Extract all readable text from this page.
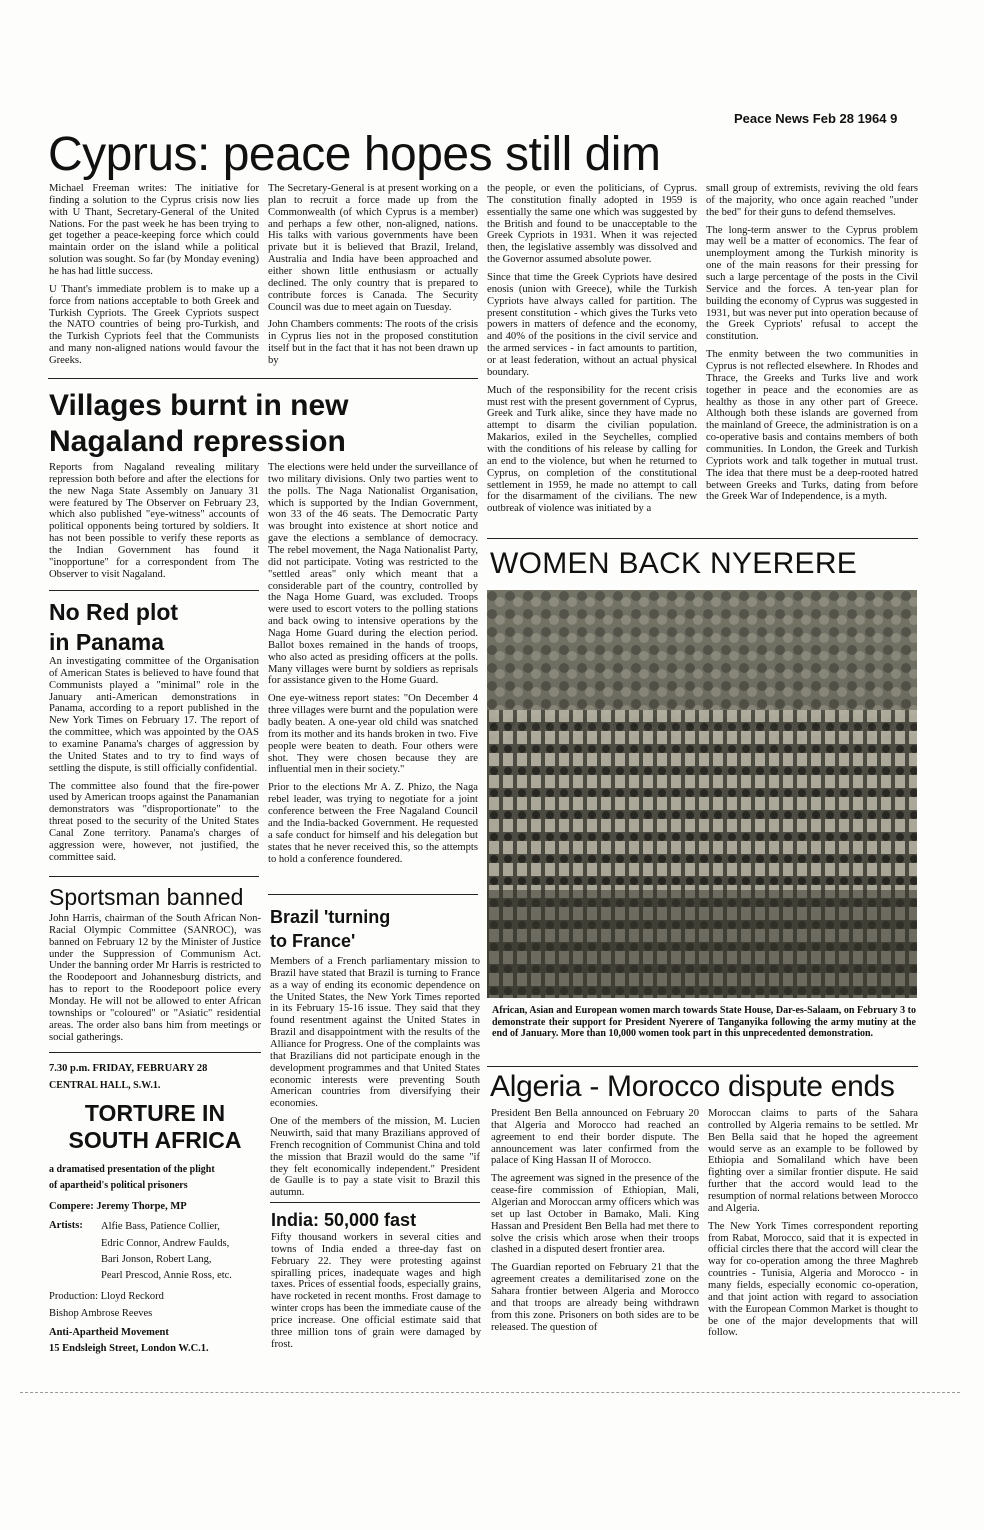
Peace News Feb 28 1964 9
Cyprus: peace hopes still dim

Michael Freeman writes: The initiative for finding a solution to the Cyprus crisis now lies with U Thant, Secretary-General of the United Nations. For the past week he has been trying to get together a peace-keeping force which could maintain order on the island while a political solution was sought. So far (by Monday evening) he has had little success.

U Thant's immediate problem is to make up a force from nations acceptable to both Greek and Turkish Cypriots. The Greek Cypriots suspect the NATO countries of being pro-Turkish, and the Turkish Cypriots feel that the Communists and many non-aligned nations would favour the Greeks.

The Secretary-General is at present working on a plan to recruit a force made up from the Commonwealth (of which Cyprus is a member) and perhaps a few other, non-aligned, nations. His talks with various governments have been private but it is believed that Brazil, Ireland, Australia and India have been approached and either shown little enthusiasm or actually declined. The only country that is prepared to contribute forces is Canada. The Security Council was due to meet again on Tuesday.

John Chambers comments: The roots of the crisis in Cyprus lies not in the proposed constitution itself but in the fact that it has not been drawn up by

the people, or even the politicians, of Cyprus. The constitution finally adopted in 1959 is essentially the same one which was suggested by the British and found to be unacceptable to the Greek Cypriots in 1931. When it was rejected then, the legislative assembly was dissolved and the Governor assumed absolute power.

Since that time the Greek Cypriots have desired enosis (union with Greece), while the Turkish Cypriots have always called for partition. The present constitution - which gives the Turks veto powers in matters of defence and the economy, and 40% of the positions in the civil service and the armed services - in fact amounts to partition, or at least federation, without an actual physical boundary.

Much of the responsibility for the recent crisis must rest with the present government of Cyprus, Greek and Turk alike, since they have made no attempt to disarm the civilian population. Makarios, exiled in the Seychelles, complied with the conditions of his release by calling for an end to the violence, but when he returned to Cyprus, on completion of the constitutional settlement in 1959, he made no attempt to call for the disarmament of the civilians. The new outbreak of violence was initiated by a

small group of extremists, reviving the old fears of the majority, who once again reached "under the bed" for their guns to defend themselves.

The long-term answer to the Cyprus problem may well be a matter of economics. The fear of unemployment among the Turkish minority is one of the main reasons for their pressing for such a large percentage of the posts in the Civil Service and the forces. A ten-year plan for building the economy of Cyprus was suggested in 1931, but was never put into operation because of the Greek Cypriots' refusal to accept the constitution.

The enmity between the two communities in Cyprus is not reflected elsewhere. In Rhodes and Thrace, the Greeks and Turks live and work together in peace and the economies are as healthy as those in any other part of Greece. Although both these islands are governed from the mainland of Greece, the administration is on a co-operative basis and contains members of both communities. In London, the Greek and Turkish Cypriots work and talk together in mutual trust. The idea that there must be a deep-rooted hatred between Greeks and Turks, dating from before the Greek War of Independence, is a myth.

Villages burnt in new
Nagaland repression

Reports from Nagaland revealing military repression both before and after the elections for the new Naga State Assembly on January 31 were featured by The Observer on February 23, which also published "eye-witness" accounts of political opponents being tortured by soldiers. It has not been possible to verify these reports as the Indian Government has found it "inopportune" for a correspondent from The Observer to visit Nagaland.

The elections were held under the surveillance of two military divisions. Only two parties went to the polls. The Naga Nationalist Organisation, which is supported by the Indian Government, won 33 of the 46 seats. The Democratic Party was brought into existence at short notice and gave the elections a semblance of democracy. The rebel movement, the Naga Nationalist Party, did not participate. Voting was restricted to the "settled areas" only which meant that a considerable part of the country, controlled by the Naga Home Guard, was excluded. Troops were used to escort voters to the polling stations and back owing to intensive operations by the Naga Home Guard during the election period. Ballot boxes remained in the hands of troops, who also acted as presiding officers at the polls. Many villages were burnt by soldiers as reprisals for assistance given to the Home Guard.

One eye-witness report states: "On December 4 three villages were burnt and the population were badly beaten. A one-year old child was snatched from its mother and its hands broken in two. Five people were beaten to death. Four others were shot. They were chosen because they are influential men in their society."

Prior to the elections Mr A. Z. Phizo, the Naga rebel leader, was trying to negotiate for a joint conference between the Free Nagaland Council and the India-backed Government. He requested a safe conduct for himself and his delegation but states that he never received this, so the attempts to hold a conference foundered.

No Red plot
in Panama

An investigating committee of the Organisation of American States is believed to have found that Communists played a "minimal" role in the January anti-American demonstrations in Panama, according to a report published in the New York Times on February 17. The report of the committee, which was appointed by the OAS to examine Panama's charges of aggression by the United States and to try to find ways of settling the dispute, is still officially confidential.

The committee also found that the fire-power used by American troops against the Panamanian demonstrators was "disproportionate" to the threat posed to the security of the United States Canal Zone territory. Panama's charges of aggression were, however, not justified, the committee said.

Sportsman banned

John Harris, chairman of the South African Non-Racial Olympic Committee (SANROC), was banned on February 12 by the Minister of Justice under the Suppression of Communism Act. Under the banning order Mr Harris is restricted to the Roodepoort and Johannesburg districts, and has to report to the Roodepoort police every Monday. He will not be allowed to enter African townships or "coloured" or "Asiatic" residential areas. The order also bans him from meetings or social gatherings.

7.30 p.m. FRIDAY, FEBRUARY 28
CENTRAL HALL, S.W.1.
TORTURE IN
SOUTH AFRICA
a dramatised presentation of the plight
of apartheid's political prisoners
Compere: Jeremy Thorpe, MP
Artists:	Alfie Bass, Patience Collier,
Edric Connor, Andrew Faulds,
Bari Jonson, Robert Lang,
Pearl Prescod, Annie Ross, etc.
Production: Lloyd Reckord
Bishop Ambrose Reeves
Anti-Apartheid Movement
15 Endsleigh Street, London W.C.1.
Brazil 'turning
to France'

Members of a French parliamentary mission to Brazil have stated that Brazil is turning to France as a way of ending its economic dependence on the United States, the New York Times reported in its February 15-16 issue. They said that they found resentment against the United States in Brazil and disappointment with the results of the Alliance for Progress. One of the complaints was that Brazilians did not participate enough in the development programmes and that United States economic interests were preventing South American countries from diversifying their economies.

One of the members of the mission, M. Lucien Neuwirth, said that many Brazilians approved of French recognition of Communist China and told the mission that Brazil would do the same "if they felt economically independent." President de Gaulle is to pay a state visit to Brazil this autumn.

India: 50,000 fast

Fifty thousand workers in several cities and towns of India ended a three-day fast on February 22. They were protesting against spiralling prices, inadequate wages and high taxes. Prices of essential foods, especially grains, have rocketed in recent months. Frost damage to winter crops has been the immediate cause of the price increase. One official estimate said that three million tons of grain were damaged by frost.

WOMEN BACK NYERERE
African, Asian and European women march towards State House, Dar-es-Salaam, on February 3 to demonstrate their support for President Nyerere of Tanganyika following the army mutiny at the end of January. More than 10,000 women took part in this unprecedented demonstration.
Algeria - Morocco dispute ends

President Ben Bella announced on February 20 that Algeria and Morocco had reached an agreement to end their border dispute. The announcement was later confirmed from the palace of King Hassan II of Morocco.

The agreement was signed in the presence of the cease-fire commission of Ethiopian, Mali, Algerian and Moroccan army officers which was set up last October in Bamako, Mali. King Hassan and President Ben Bella had met there to solve the crisis which arose when their troops clashed in a disputed desert frontier area.

The Guardian reported on February 21 that the agreement creates a demilitarised zone on the Sahara frontier between Algeria and Morocco and that troops are already being withdrawn from this zone. Prisoners on both sides are to be released. The question of

Moroccan claims to parts of the Sahara controlled by Algeria remains to be settled. Mr Ben Bella said that he hoped the agreement would serve as an example to be followed by Ethiopia and Somaliland which have been fighting over a similar frontier dispute. He said further that the accord would lead to the resumption of normal relations between Morocco and Algeria.

The New York Times correspondent reporting from Rabat, Morocco, said that it is expected in official circles there that the accord will clear the way for co-operation among the three Maghreb countries - Tunisia, Algeria and Morocco - in many fields, especially economic co-operation, and that joint action with regard to association with the European Common Market is thought to be one of the major developments that will follow.
